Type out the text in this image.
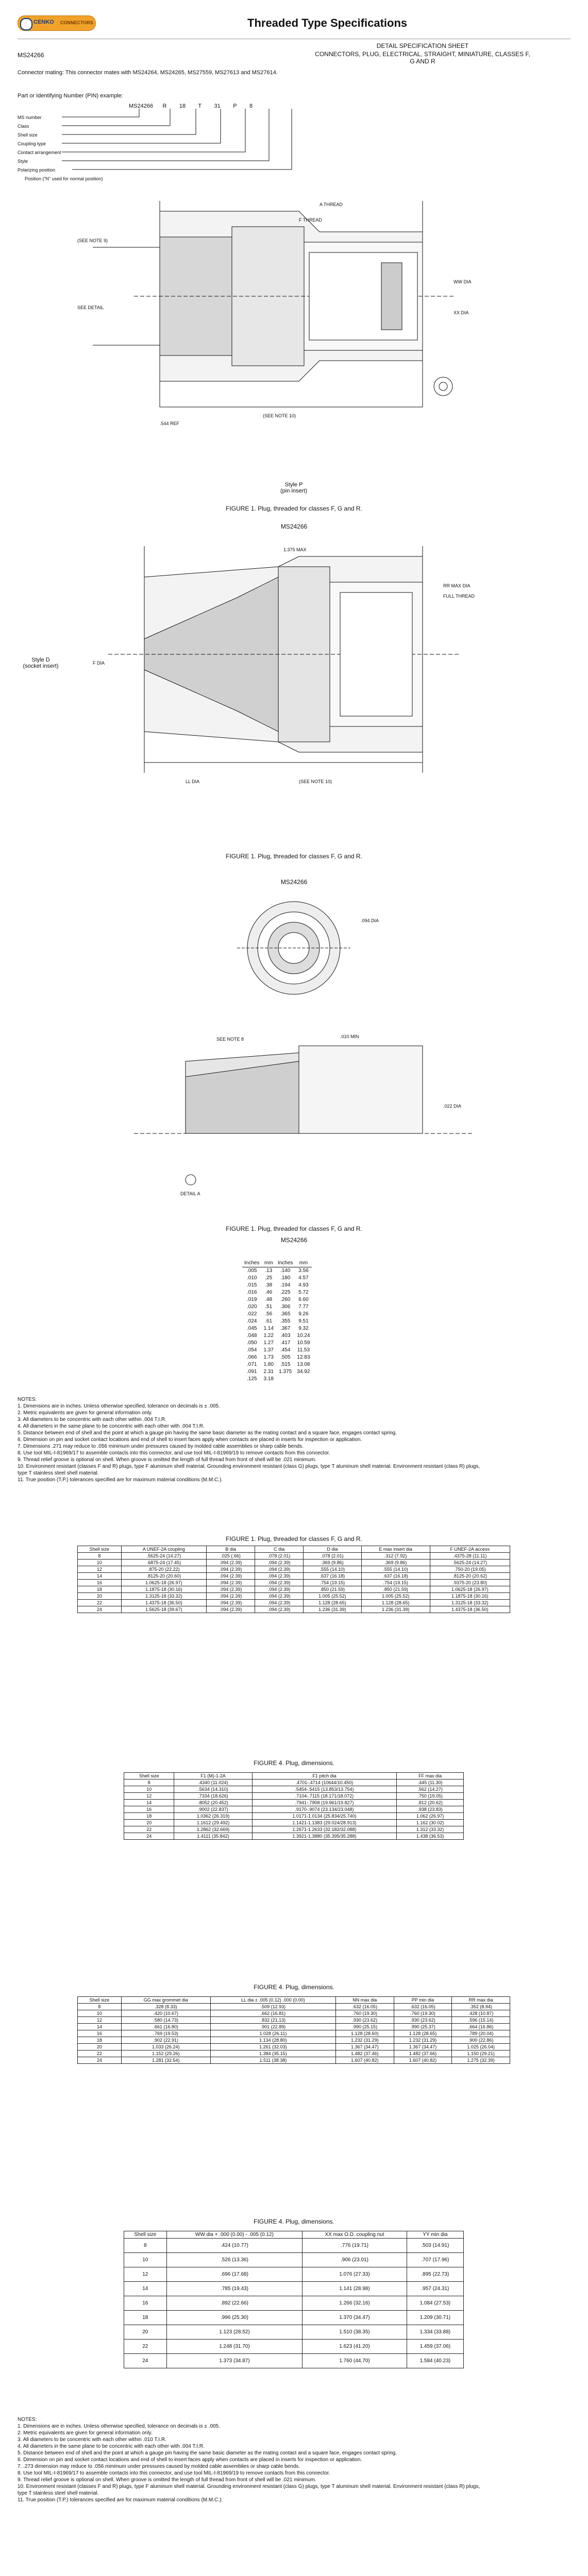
CENKO CONNECTORS	Threaded Type Specifications
DETAIL SPECIFICATION SHEET
CONNECTORS, PLUG, ELECTRICAL, STRAIGHT, MINIATURE, CLASSES F, G AND R
MS24266
Connector mating: This connector mates with MS24264, MS24265, MS27559, MS27613 and MS27614.
Part or Identifying Number (PIN) example:
MS24266 R 18 T 31 P 8
MS number
Class
Shell size
Coupling type
Contact arrangement
Style
Polarizing position
Position (“N” used for normal position)
A THREAD
F THREAD
(SEE NOTE 9)
SEE DETAIL
WW DIA
XX DIA
(SEE NOTE 10)
.544 REF
Style P
(pin insert)
FIGURE 1. Plug, threaded for classes F, G and R.
MS24266
1.375 MAX
RR MAX DIA
FULL THREAD
LL DIA	(SEE NOTE 10)
F DIA
Style D
(socket insert)
FIGURE 1. Plug, threaded for classes F, G and R.
MS24266
.094 DIA
SEE NOTE 8	.010 MIN
.022 DIA
DETAIL A
FIGURE 1. Plug, threaded for classes F, G and R.
MS24266
Inches	mm	Inches	mm
.005	.13	.140	3.56
.010	.25	.180	4.57
.015	.38	.194	4.93
.016	.46	.225	5.72
.019	.48	.260	6.60
.020	.51	.306	7.77
.022	.56	.365	9.26
.024	.61	.355	9.51
.045	1.14	.367	9.32
.048	1.22	.403	10.24
.050	1.27	.417	10.59
.054	1.37	.454	11.53
.066	1.73	.505	12.83
.071	1.80	.515	13.08
.091	2.31	1.375	34.92
.125	3.18		
NOTES:
1. Dimensions are in inches. Unless otherwise specified, tolerance on decimals is ± .005.
2. Metric equivalents are given for general information only.
3. All diameters to be concentric with each other within .004 T.I.R.
4. All diameters in the same plane to be concentric with each other with .004 T.I.R.
5. Distance between end of shell and the point at which a gauge pin having the same basic diameter as the mating contact and a square face, engages contact spring.
6. Dimension on pin and socket contact locations and end of shell to insert faces apply when contacts are placed in inserts for inspection or application.
7. Dimensions .271 may reduce to .056 minimum under pressures caused by molded cable assemblies or sharp cable bends.
8. Use tool MIL-I-81969/17 to assemble contacts into this connector, and use tool MIL-I-81969/19 to remove contacts from this connector.
9. Thread relief groove is optional on shell. When groove is omitted the length of full thread from front of shell will be .021 minimum.
10. Environment resistant (classes F and R) plugs, type F aluminum shell material. Grounding environment resistant (class G) plugs, type T aluminum shell material. Environment resistant (class R) plugs, type T stainless steel shell material.
11. True position (T.P.) tolerances specified are for maximum material conditions (M.M.C.).
FIGURE 1. Plug, threaded for classes F, G and R.
Shell size	A UNEF-2A coupling	B dia	C dia	D dia	E max insert dia	F UNEF-2A access
8	.5625-24 (14.27)	.025 (.66)	.078 (2.01)	.078 (2.01)	.312 (7.92)	.4375-28 (11.11)
10	.6875-24 (17.45)	.094 (2.39)	.094 (2.39)	.369 (9.86)	.369 (9.86)	.5625-24 (14.27)
12	.875-20 (22.22)	.094 (2.39)	.094 (2.39)	.555 (14.10)	.555 (14.10)	.750-20 (19.05)
14	.8125-20 (20.60)	.094 (2.39)	.094 (2.39)	.637 (16.18)	.637 (16.18)	.8125-20 (20.62)
16	1.0625-18 (26.97)	.094 (2.39)	.094 (2.39)	.754 (19.15)	.754 (19.15)	.9375-20 (23.80)
18	1.1875-18 (30.16)	.094 (2.39)	.094 (2.39)	.850 (21.59)	.850 (21.59)	1.0625-18 (26.97)
20	1.3125-18 (33.32)	.094 (2.39)	.094 (2.39)	1.005 (25.52)	1.005 (25.52)	1.1875-18 (30.16)
22	1.4375-18 (36.50)	.094 (2.39)	.094 (2.39)	1.128 (28.65)	1.128 (28.65)	1.3125-18 (33.32)
24	1.5625-18 (39.67)	.094 (2.39)	.094 (2.39)	1.236 (31.39)	1.236 (31.39)	1.4375-18 (36.50)
FIGURE 4. Plug, dimensions.
Shell size	F1 (M)-1-2A	F1 pitch dia	FF max dia
8	.4340 (11.024)	.4701-.4714 (10644/10.450)	.445 (11.30)
10	.5634 (14.310)	.5454-.5415 (13.853/13.754)	.562 (14.27)
12	.7334 (18.626)	.7104-.7115 (18.171/18.072)	.750 (19.05)
14	.8052 (20.452)	.7941-.7908 (19.961/19.827)	.812 (20.62)
16	.9002 (22.837)	.9170-.9074 (23.134/23.048)	.938 (23.83)
18	1.0362 (26.319)	1.0171-1.0134 (25.834/25.740)	1.062 (26.97)
20	1.1612 (29.492)	1.1421-1.1383 (29.024/28.913)	1.162 (30.02)
22	1.2862 (32.669)	1.2671-1.2633 (32.182/32.088)	1.312 (33.32)
24	1.4111 (35.842)	1.3921-1.3880 (35.395/35.288)	1.438 (36.53)
FIGURE 4. Plug, dimensions.
Shell size	GG max grommet dia	LL dia ± .005 (0.12) .000 (0.00)	NN max dia	PP min dia	RR max dia
8	.328 (8.33)	.509 (12.93)	.632 (16.05)	.632 (16.05)	.352 (8.94)
10	.420 (10.67)	.662 (16.81)	.760 (19.30)	.760 (19.30)	.428 (10.87)
12	.580 (14.73)	.832 (21.13)	.930 (23.62)	.930 (23.62)	.596 (15.14)
14	.661 (16.80)	.901 (22.89)	.990 (25.15)	.990 (25.37)	.664 (16.86)
16	.769 (19.53)	1.028 (26.11)	1.128 (28.60)	1.128 (28.65)	.789 (20.04)
18	.902 (22.91)	1.134 (28.80)	1.232 (31.29)	1.232 (31.29)	.900 (22.86)
20	1.033 (26.24)	1.261 (32.03)	1.367 (34.47)	1.367 (34.47)	1.025 (26.04)
22	1.152 (29.26)	1.384 (35.15)	1.482 (37.46)	1.482 (37.66)	1.150 (29.21)
24	1.281 (32.54)	1.511 (38.38)	1.607 (40.82)	1.607 (40.82)	1.275 (32.39)
FIGURE 4. Plug, dimensions.
Shell size	WW dia + .000 (0.00) - .005 (0.12)	XX max O.D. coupling nut	YY min dia
8	.424 (10.77)	.776 (19.71)	.503 (14.91)
10	.526 (13.36)	.906 (23.01)	.707 (17.96)
12	.696 (17.68)	1.076 (27.33)	.895 (22.73)
14	.785 (19.43)	1.141 (28.98)	.957 (24.31)
16	.892 (22.66)	1.266 (32.16)	1.084 (27.53)
18	.996 (25.30)	1.370 (34.47)	1.209 (30.71)
20	1.123 (28.52)	1.510 (38.35)	1.334 (33.88)
22	1.248 (31.70)	1.623 (41.20)	1.459 (37.06)
24	1.373 (34.87)	1.760 (44.70)	1.584 (40.23)
NOTES:
1. Dimensions are in inches. Unless otherwise specified, tolerance on decimals is ± .005.
2. Metric equivalents are given for general information only.
3. All diameters to be concentric with each other within .010 T.I.R.
4. All diameters in the same plane to be concentric with each other with .004 T.I.R.
5. Distance between end of shell and the point at which a gauge pin having the same basic diameter as the mating contact and a square face, engages contact spring.
6. Dimension on pin and socket contact locations and end of shell to insert faces apply when contacts are placed in inserts for inspection or application.
7. .273 dimension may reduce to .056 minimum under pressures caused by molded cable assemblies or sharp cable bends.
8. Use tool MIL-I-81969/17 to assemble contacts into this connector, and use tool MIL-I-81969/19 to remove contacts from this connector.
9. Thread relief groove is optional on shell. When groove is omitted the length of full thread from front of shell will be .021 minimum.
10. Environment resistant (classes F and R) plugs, type F aluminum shell material. Grounding environment resistant (class G) plugs, type T aluminum shell material. Environment resistant (class R) plugs, type T stainless steel shell material.
11. True position (T.P.) tolerances specified are for maximum material conditions (M.M.C.).
